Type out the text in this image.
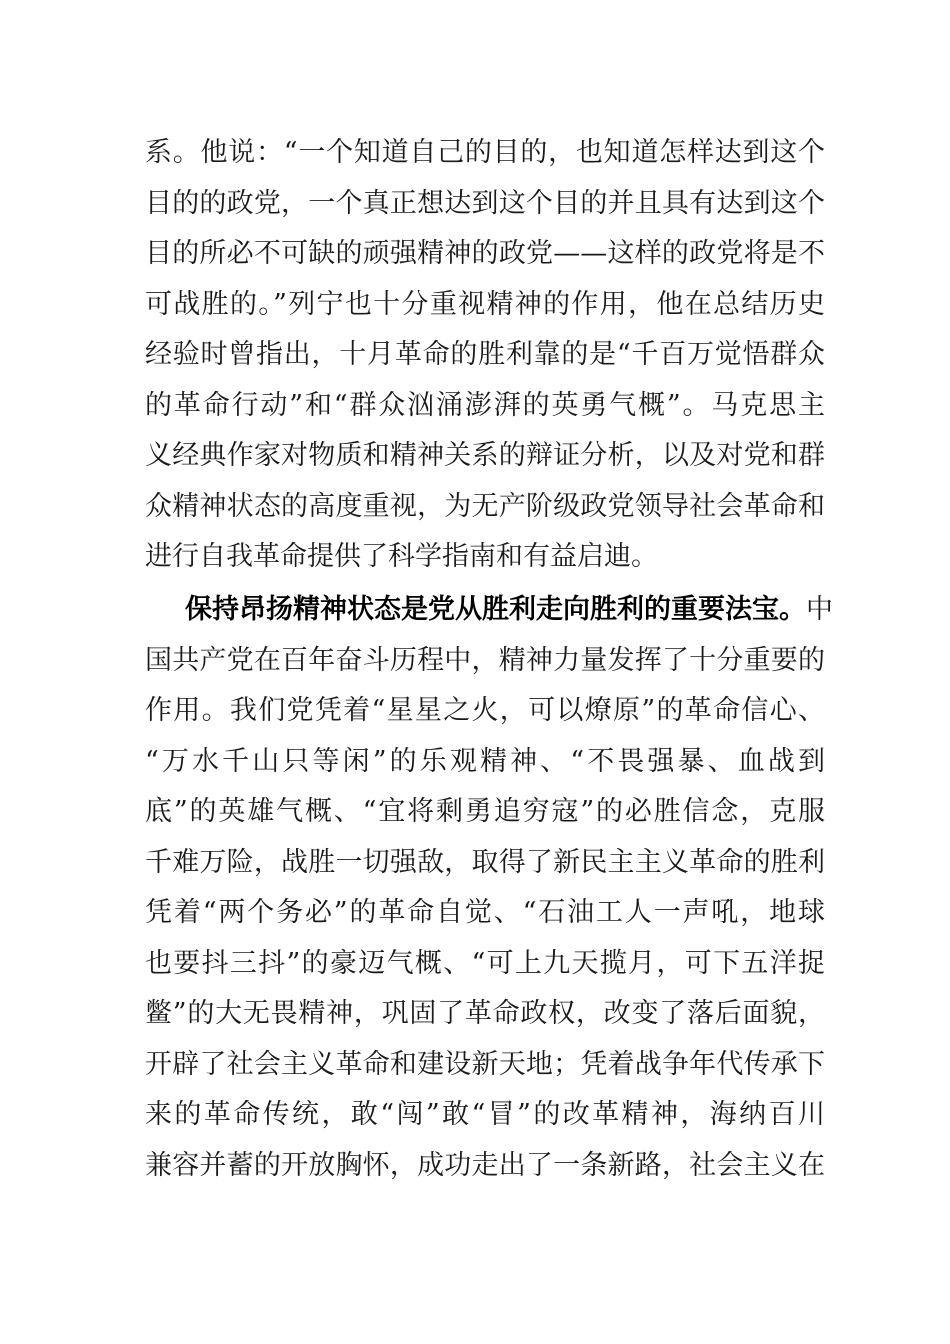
系。他说：“一个知道自己的目的，也知道怎样达到这个
目的的政党，一个真正想达到这个目的并且具有达到这个
目的所必不可缺的顽强精神的政党——这样的政党将是不
可战胜的。”列宁也十分重视精神的作用，他在总结历史
经验时曾指出，十月革命的胜利靠的是“千百万觉悟群众
的革命行动”和“群众汹涌澎湃的英勇气概”。马克思主
义经典作家对物质和精神关系的辩证分析，以及对党和群
众精神状态的高度重视，为无产阶级政党领导社会革命和
进行自我革命提供了科学指南和有益启迪。
保持昂扬精神状态是党从胜利走向胜利的重要法宝。中
国共产党在百年奋斗历程中，精神力量发挥了十分重要的
作用。我们党凭着“星星之火，可以燎原”的革命信心、
“万水千山只等闲”的乐观精神、“不畏强暴、血战到
底”的英雄气概、“宜将剩勇追穷寇”的必胜信念，克服
千难万险，战胜一切强敌，取得了新民主主义革命的胜利
凭着“两个务必”的革命自觉、“石油工人一声吼，地球
也要抖三抖”的豪迈气概、“可上九天揽月，可下五洋捉
鳖”的大无畏精神，巩固了革命政权，改变了落后面貌，
开辟了社会主义革命和建设新天地；凭着战争年代传承下
来的革命传统，敢“闯”敢“冒”的改革精神，海纳百川
兼容并蓄的开放胸怀，成功走出了一条新路，社会主义在
